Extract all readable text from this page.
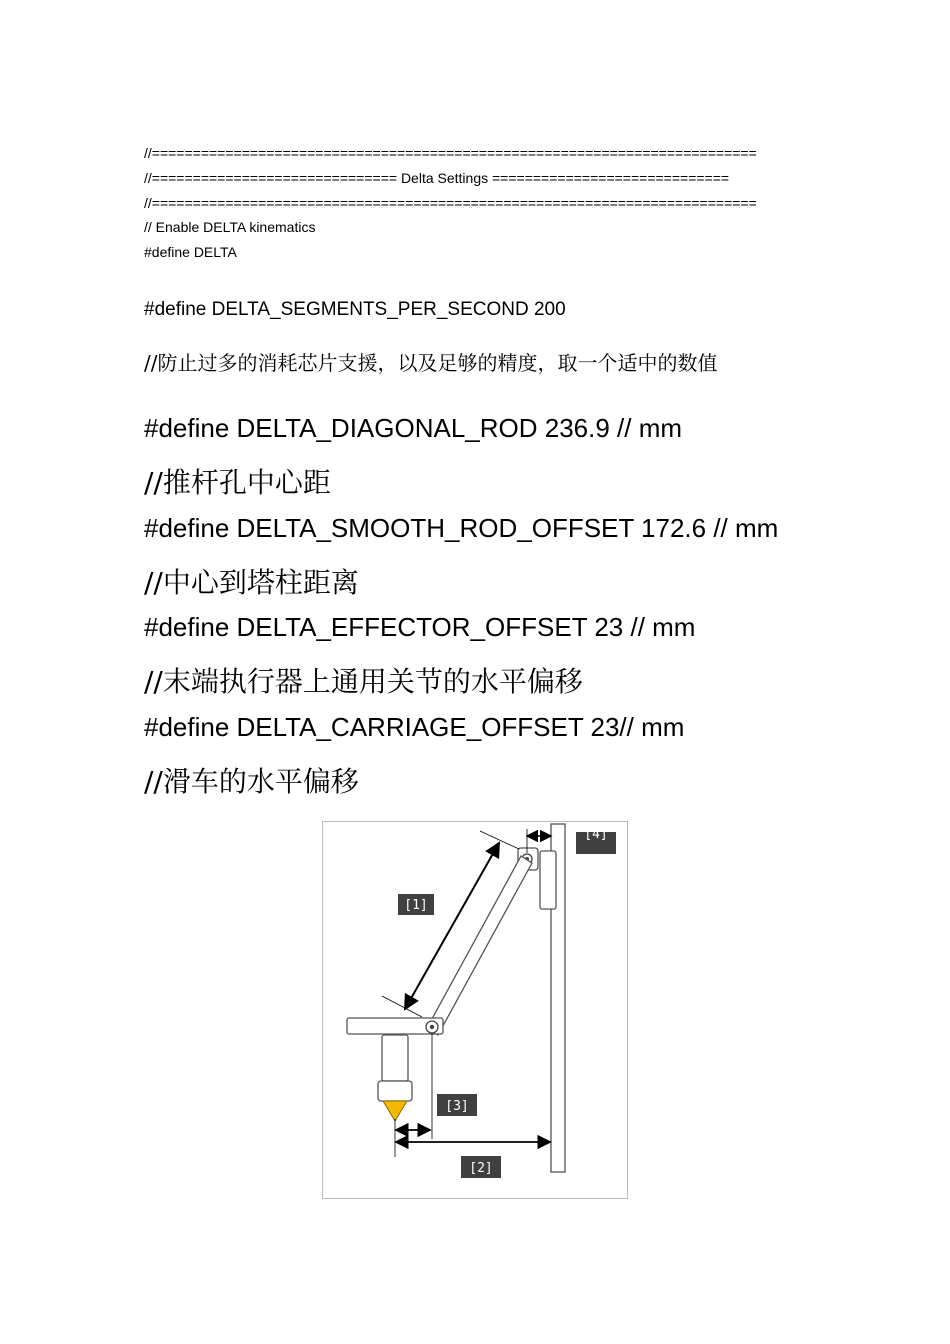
//==========================================================================
//============================== Delta Settings =============================
//==========================================================================
// Enable DELTA kinematics
#define DELTA
#define DELTA_SEGMENTS_PER_SECOND 200
//防止过多的消耗芯片支援，以及足够的精度，取一个适中的数值
#define DELTA_DIAGONAL_ROD 236.9 // mm
//推杆孔中心距
#define DELTA_SMOOTH_ROD_OFFSET 172.6 // mm
//中心到塔柱距离
#define DELTA_EFFECTOR_OFFSET 23 // mm
//末端执行器上通用关节的水平偏移
#define DELTA_CARRIAGE_OFFSET 23// mm
//滑车的水平偏移
[1]
[4]
[3]
[2]
